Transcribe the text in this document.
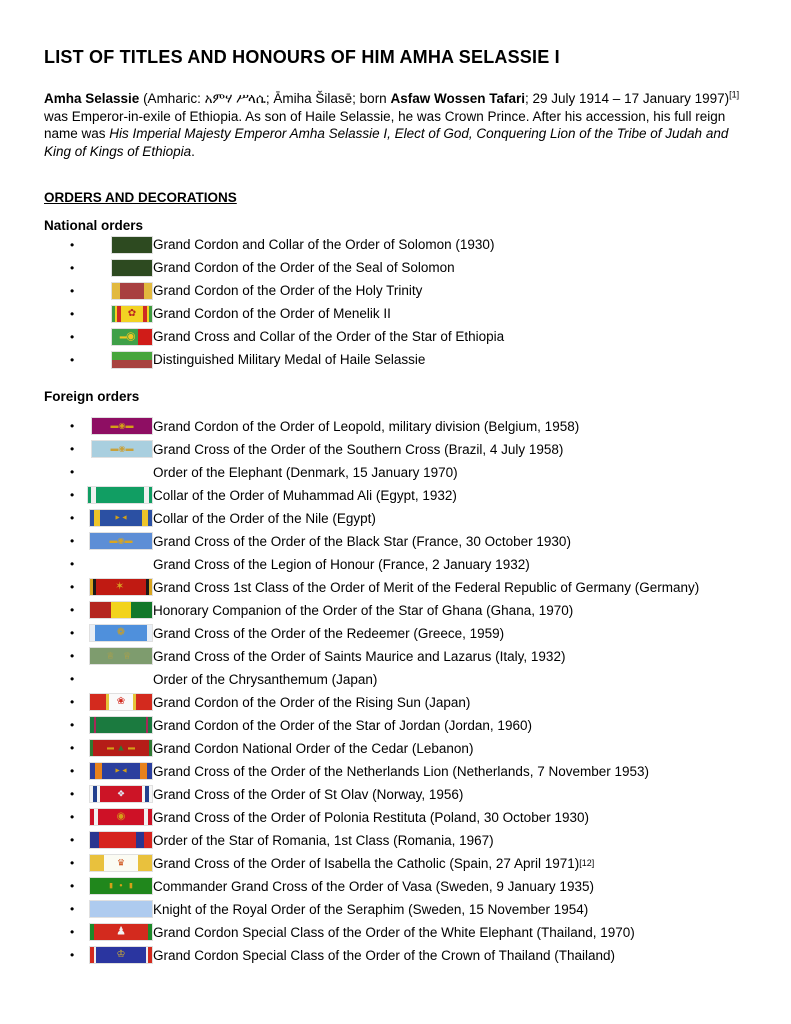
LIST OF TITLES AND HONOURS OF HIM AMHA SELASSIE I

Amha Selassie (Amharic: አምሃ ሥላሴ; Āmiha Šilasē; born Asfaw Wossen Tafari; 29 July 1914 – 17 January 1997)[1] was Emperor-in-exile of Ethiopia. As son of Haile Selassie, he was Crown Prince. After his accession, his full reign name was His Imperial Majesty Emperor Amha Selassie I, Elect of God, Conquering Lion of the Tribe of Judah and King of Kings of Ethiopia.

ORDERS AND DECORATIONS
National orders
•	Grand Cordon and Collar of the Order of Solomon (1930)
•	Grand Cordon of the Order of the Seal of Solomon
•	Grand Cordon of the Order of the Holy Trinity
•	✿ Grand Cordon of the Order of Menelik II
•	▬ ◉ Grand Cross and Collar of the Order of the Star of Ethiopia
•	Distinguished Military Medal of Haile Selassie
Foreign orders
•	▬◉▬ Grand Cordon of the Order of Leopold, military division (Belgium, 1958)
•	▬◉▬ Grand Cross of the Order of the Southern Cross (Brazil, 4 July 1958)
•	Order of the Elephant (Denmark, 15 January 1970)
•	Collar of the Order of Muhammad Ali (Egypt, 1932)
•	►◄ Collar of the Order of the Nile (Egypt)
•	▬◉▬ Grand Cross of the Order of the Black Star (France, 30 October 1930)
•	Grand Cross of the Legion of Honour (France, 2 January 1932)
•	✶ Grand Cross 1st Class of the Order of Merit of the Federal Republic of Germany (Germany)
•	Honorary Companion of the Order of the Star of Ghana (Ghana, 1970)
•	❁ Grand Cross of the Order of the Redeemer (Greece, 1959)
•	♕ ♕ Grand Cross of the Order of Saints Maurice and Lazarus (Italy, 1932)
•	Order of the Chrysanthemum (Japan)
•	❀ Grand Cordon of the Order of the Rising Sun (Japan)
•	Grand Cordon of the Order of the Star of Jordan (Jordan, 1960)
•	▬ ▲ ▬ Grand Cordon National Order of the Cedar (Lebanon)
•	►◄ Grand Cross of the Order of the Netherlands Lion (Netherlands, 7 November 1953)
•	❖ Grand Cross of the Order of St Olav (Norway, 1956)
•	◉ Grand Cross of the Order of Polonia Restituta (Poland, 30 October 1930)
•	Order of the Star of Romania, 1st Class (Romania, 1967)
•	♛ Grand Cross of the Order of Isabella the Catholic (Spain, 27 April 1971) [12]
•	▮ • ▮ Commander Grand Cross of the Order of Vasa (Sweden, 9 January 1935)
•	Knight of the Royal Order of the Seraphim (Sweden, 15 November 1954)
•	♟ Grand Cordon Special Class of the Order of the White Elephant (Thailand, 1970)
•	♔ Grand Cordon Special Class of the Order of the Crown of Thailand (Thailand)
